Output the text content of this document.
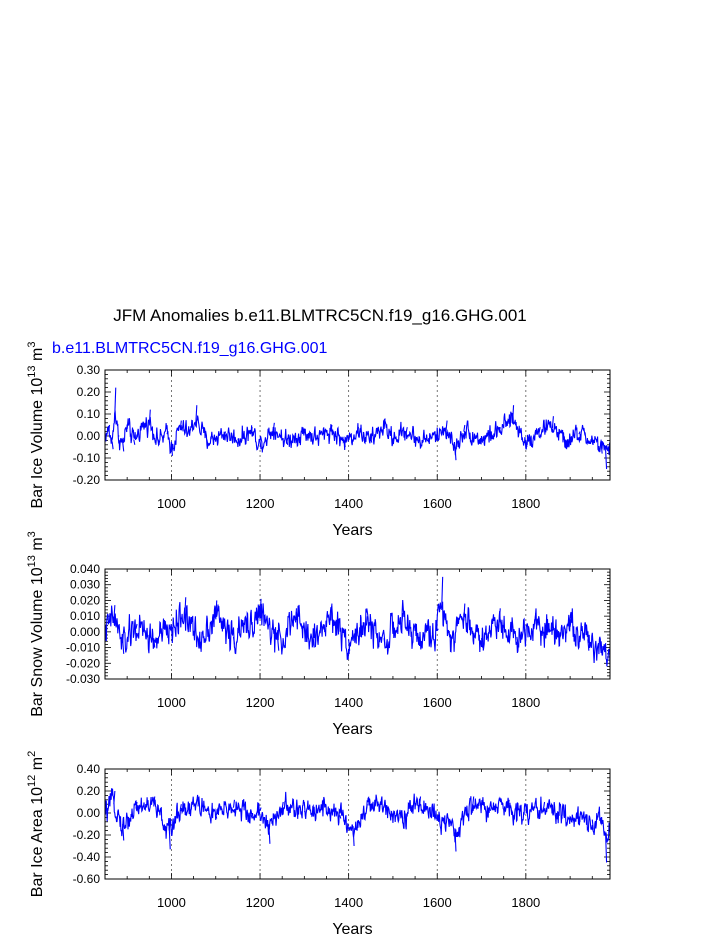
JFM Anomalies b.e11.BLMTRC5CN.f19_g16.GHG.001
b.e11.BLMTRC5CN.f19_g16.GHG.001
-0.20
-0.10
0.00
0.10
0.20
0.30
1000	1200	1400	1600	1800
Years
Bar Ice Volume $10^{13}$ $m^3$
-0.030
-0.020
-0.010
0.000
0.010
0.020
0.030
0.040
1000	1200	1400	1600	1800
Years
Bar Snow Volume $10^{13}$ $m^3$
-0.60
-0.40
-0.20
0.00
0.20
0.40
1000	1200	1400	1600	1800
Years
Bar Ice Area $10^{12}$ $m^2$
